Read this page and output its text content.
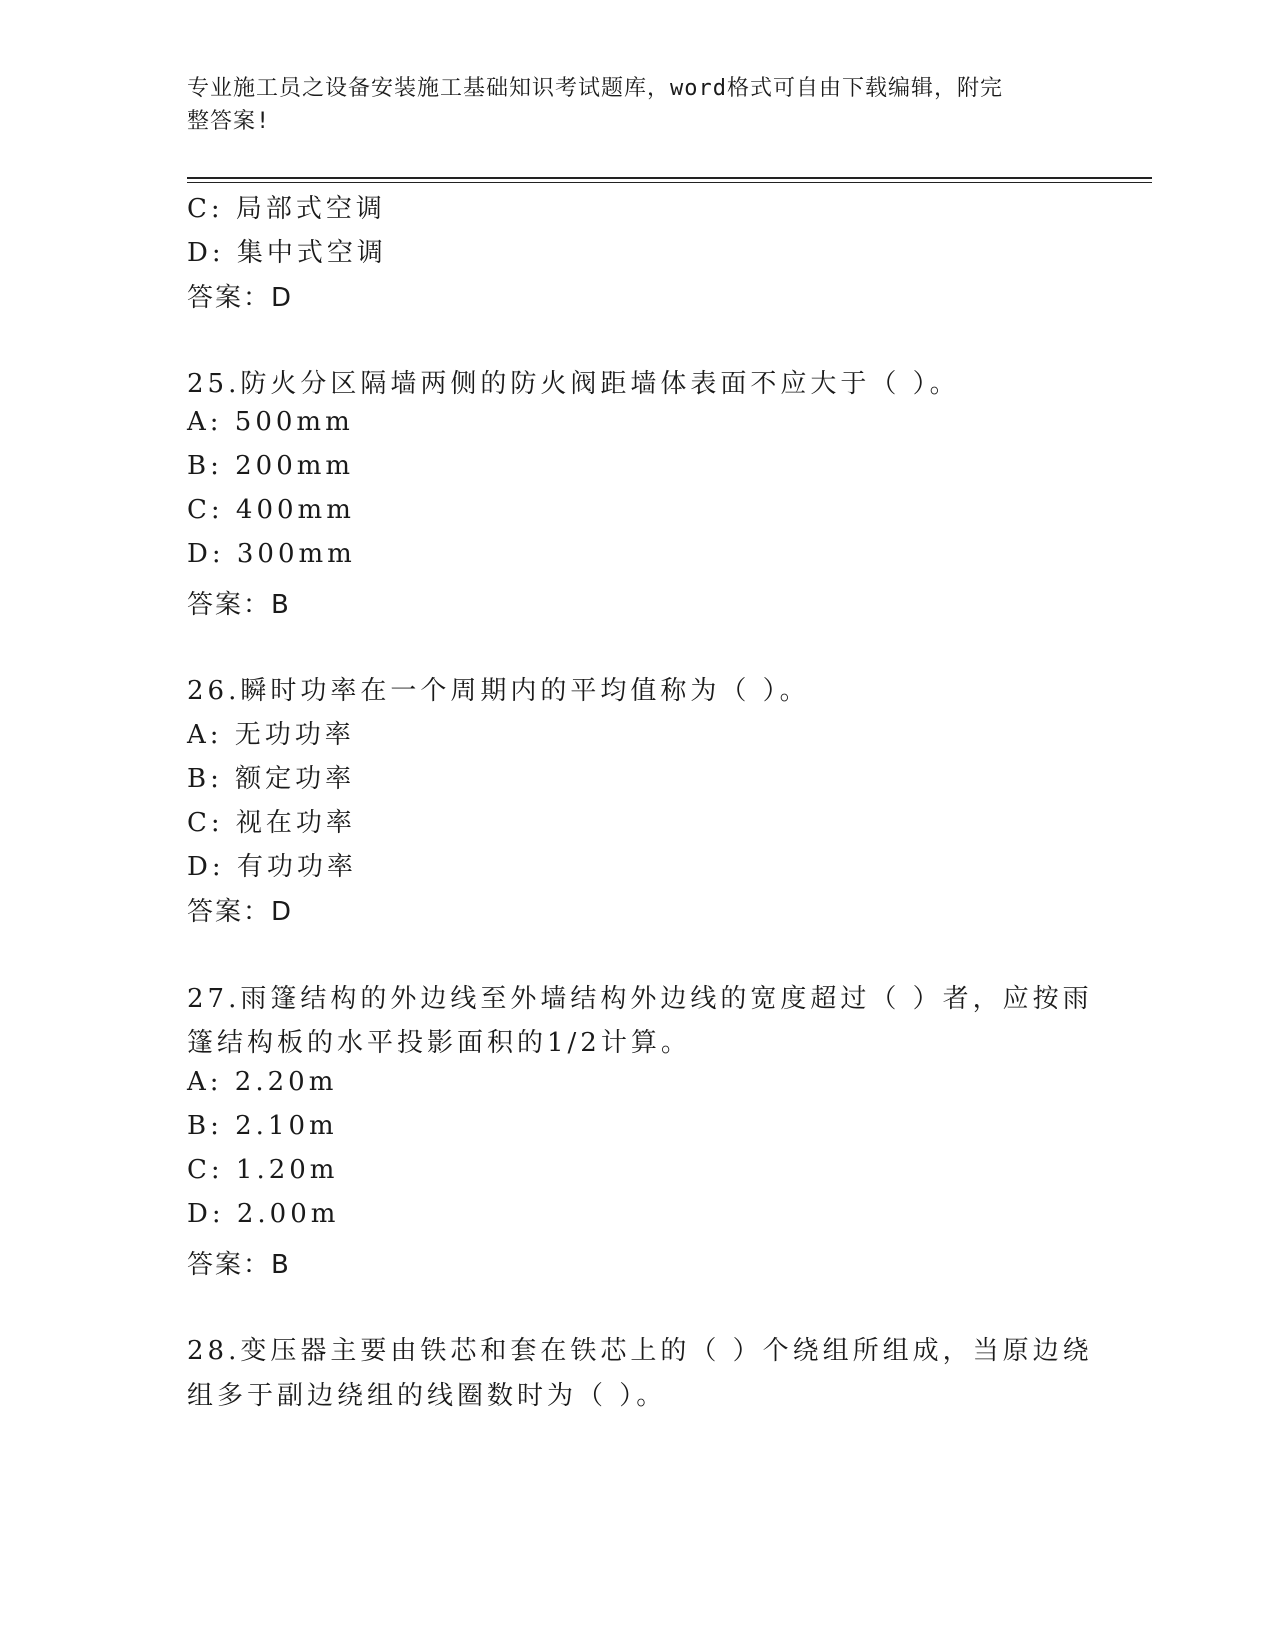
专业施工员之设备安装施工基础知识考试题库，word格式可自由下载编辑，附完
整答案!
C: 局部式空调
D: 集中式空调
答案：D
25.防火分区隔墙两侧的防火阀距墙体表面不应大于（ ）。
A: 500mm
B: 200mm
C: 400mm
D: 300mm
答案：B
26.瞬时功率在一个周期内的平均值称为（ ）。
A: 无功功率
B: 额定功率
C: 视在功率
D: 有功功率
答案：D
27.雨篷结构的外边线至外墙结构外边线的宽度超过（ ）者，应按雨
篷结构板的水平投影面积的1/2计算。
A: 2.20m
B: 2.10m
C: 1.20m
D: 2.00m
答案：B
28.变压器主要由铁芯和套在铁芯上的（ ）个绕组所组成，当原边绕
组多于副边绕组的线圈数时为（ ）。
